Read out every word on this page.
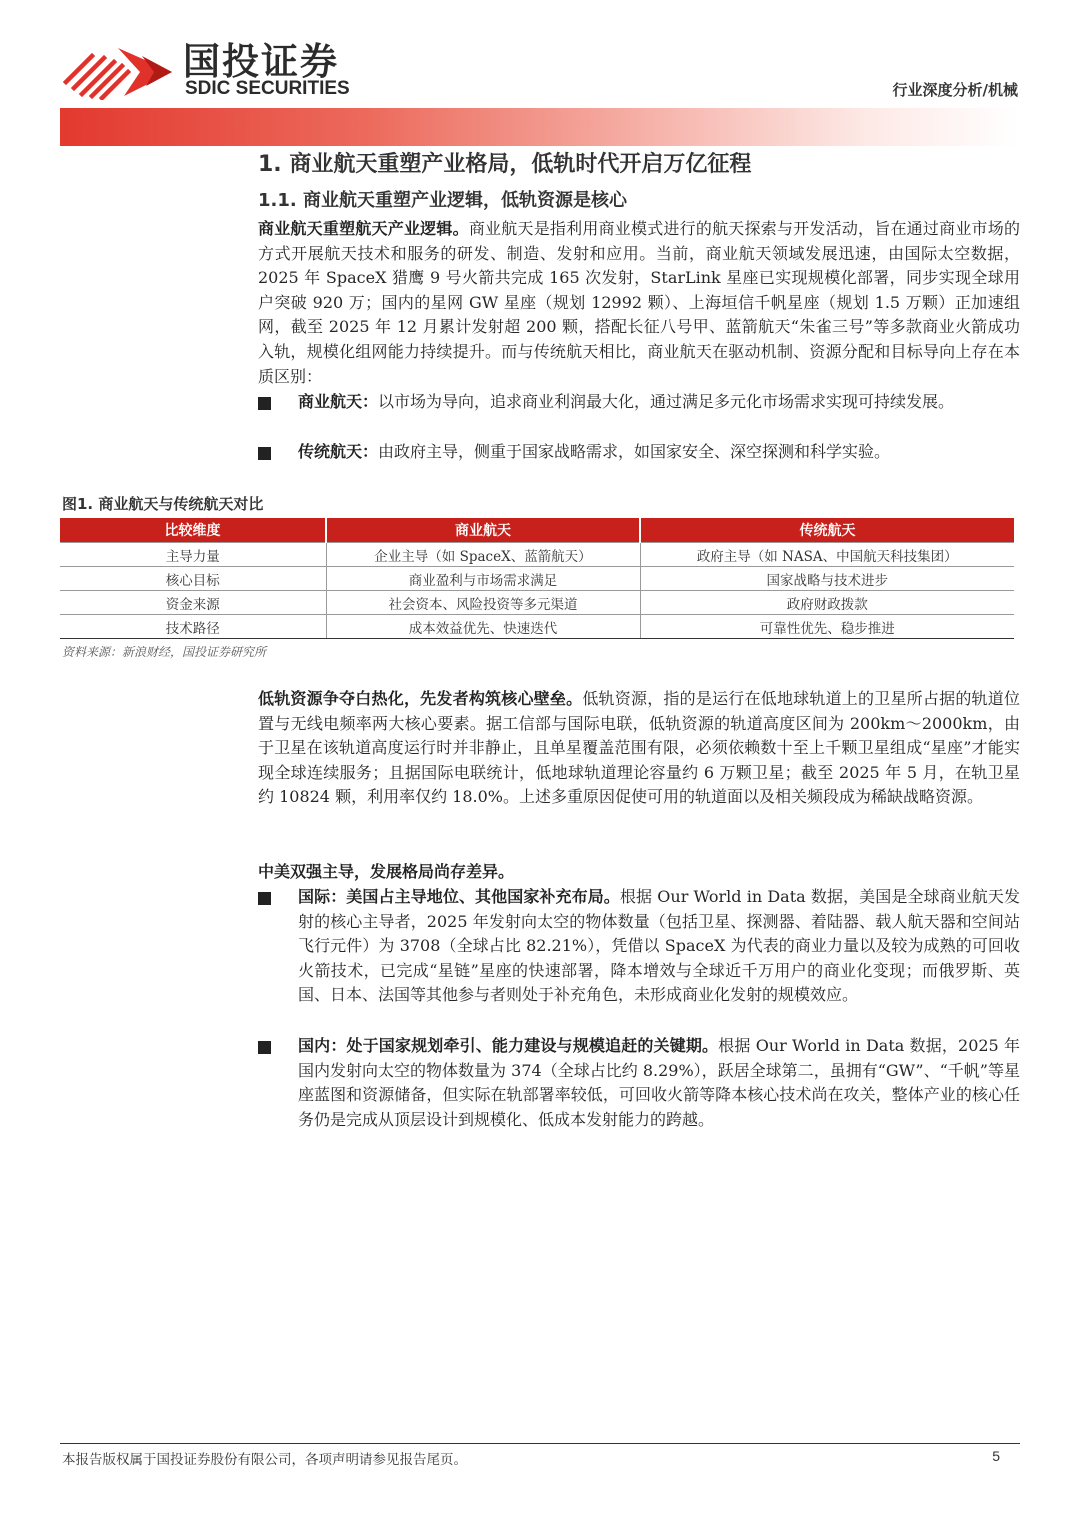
国投证券
SDIC SECURITIES	行业深度分析/机械
1. 商业航天重塑产业格局，低轨时代开启万亿征程
1.1. 商业航天重塑产业逻辑，低轨资源是核心
商业航天重塑航天产业逻辑。商业航天是指利用商业模式进行的航天探索与开发活动，旨在通过商业市场的方式开展航天技术和服务的研发、制造、发射和应用。当前，商业航天领域发展迅速，由国际太空数据，2025 年 SpaceX 猎鹰 9 号火箭共完成 165 次发射，StarLink 星座已实现规模化部署，同步实现全球用户突破 920 万；国内的星网 GW 星座（规划 12992 颗）、上海垣信千帆星座（规划 1.5 万颗）正加速组网，截至 2025 年 12 月累计发射超 200 颗，搭配长征八号甲、蓝箭航天“朱雀三号”等多款商业火箭成功入轨，规模化组网能力持续提升。而与传统航天相比，商业航天在驱动机制、资源分配和目标导向上存在本质区别：
商业航天：以市场为导向，追求商业利润最大化，通过满足多元化市场需求实现可持续发展。
传统航天：由政府主导，侧重于国家战略需求，如国家安全、深空探测和科学实验。
图1. 商业航天与传统航天对比
比较维度	商业航天	传统航天
主导力量	企业主导（如 SpaceX、蓝箭航天）	政府主导（如 NASA、中国航天科技集团）
核心目标	商业盈利与市场需求满足	国家战略与技术进步
资金来源	社会资本、风险投资等多元渠道	政府财政拨款
技术路径	成本效益优先、快速迭代	可靠性优先、稳步推进
资料来源：新浪财经，国投证券研究所
低轨资源争夺白热化，先发者构筑核心壁垒。低轨资源，指的是运行在低地球轨道上的卫星所占据的轨道位置与无线电频率两大核心要素。据工信部与国际电联，低轨资源的轨道高度区间为 200km～2000km，由于卫星在该轨道高度运行时并非静止，且单星覆盖范围有限，必须依赖数十至上千颗卫星组成“星座”才能实现全球连续服务；且据国际电联统计，低地球轨道理论容量约 6 万颗卫星；截至 2025 年 5 月，在轨卫星约 10824 颗，利用率仅约 18.0%。上述多重原因促使可用的轨道面以及相关频段成为稀缺战略资源。
中美双强主导，发展格局尚存差异。
国际：美国占主导地位、其他国家补充布局。根据 Our World in Data 数据，美国是全球商业航天发射的核心主导者，2025 年发射向太空的物体数量（包括卫星、探测器、着陆器、载人航天器和空间站飞行元件）为 3708（全球占比 82.21%），凭借以 SpaceX 为代表的商业力量以及较为成熟的可回收火箭技术，已完成“星链”星座的快速部署，降本增效与全球近千万用户的商业化变现；而俄罗斯、英国、日本、法国等其他参与者则处于补充角色，未形成商业化发射的规模效应。
国内：处于国家规划牵引、能力建设与规模追赶的关键期。根据 Our World in Data 数据，2025 年国内发射向太空的物体数量为 374（全球占比约 8.29%），跃居全球第二，虽拥有“GW”、“千帆”等星座蓝图和资源储备，但实际在轨部署率较低，可回收火箭等降本核心技术尚在攻关，整体产业的核心任务仍是完成从顶层设计到规模化、低成本发射能力的跨越。
本报告版权属于国投证券股份有限公司，各项声明请参见报告尾页。	5
